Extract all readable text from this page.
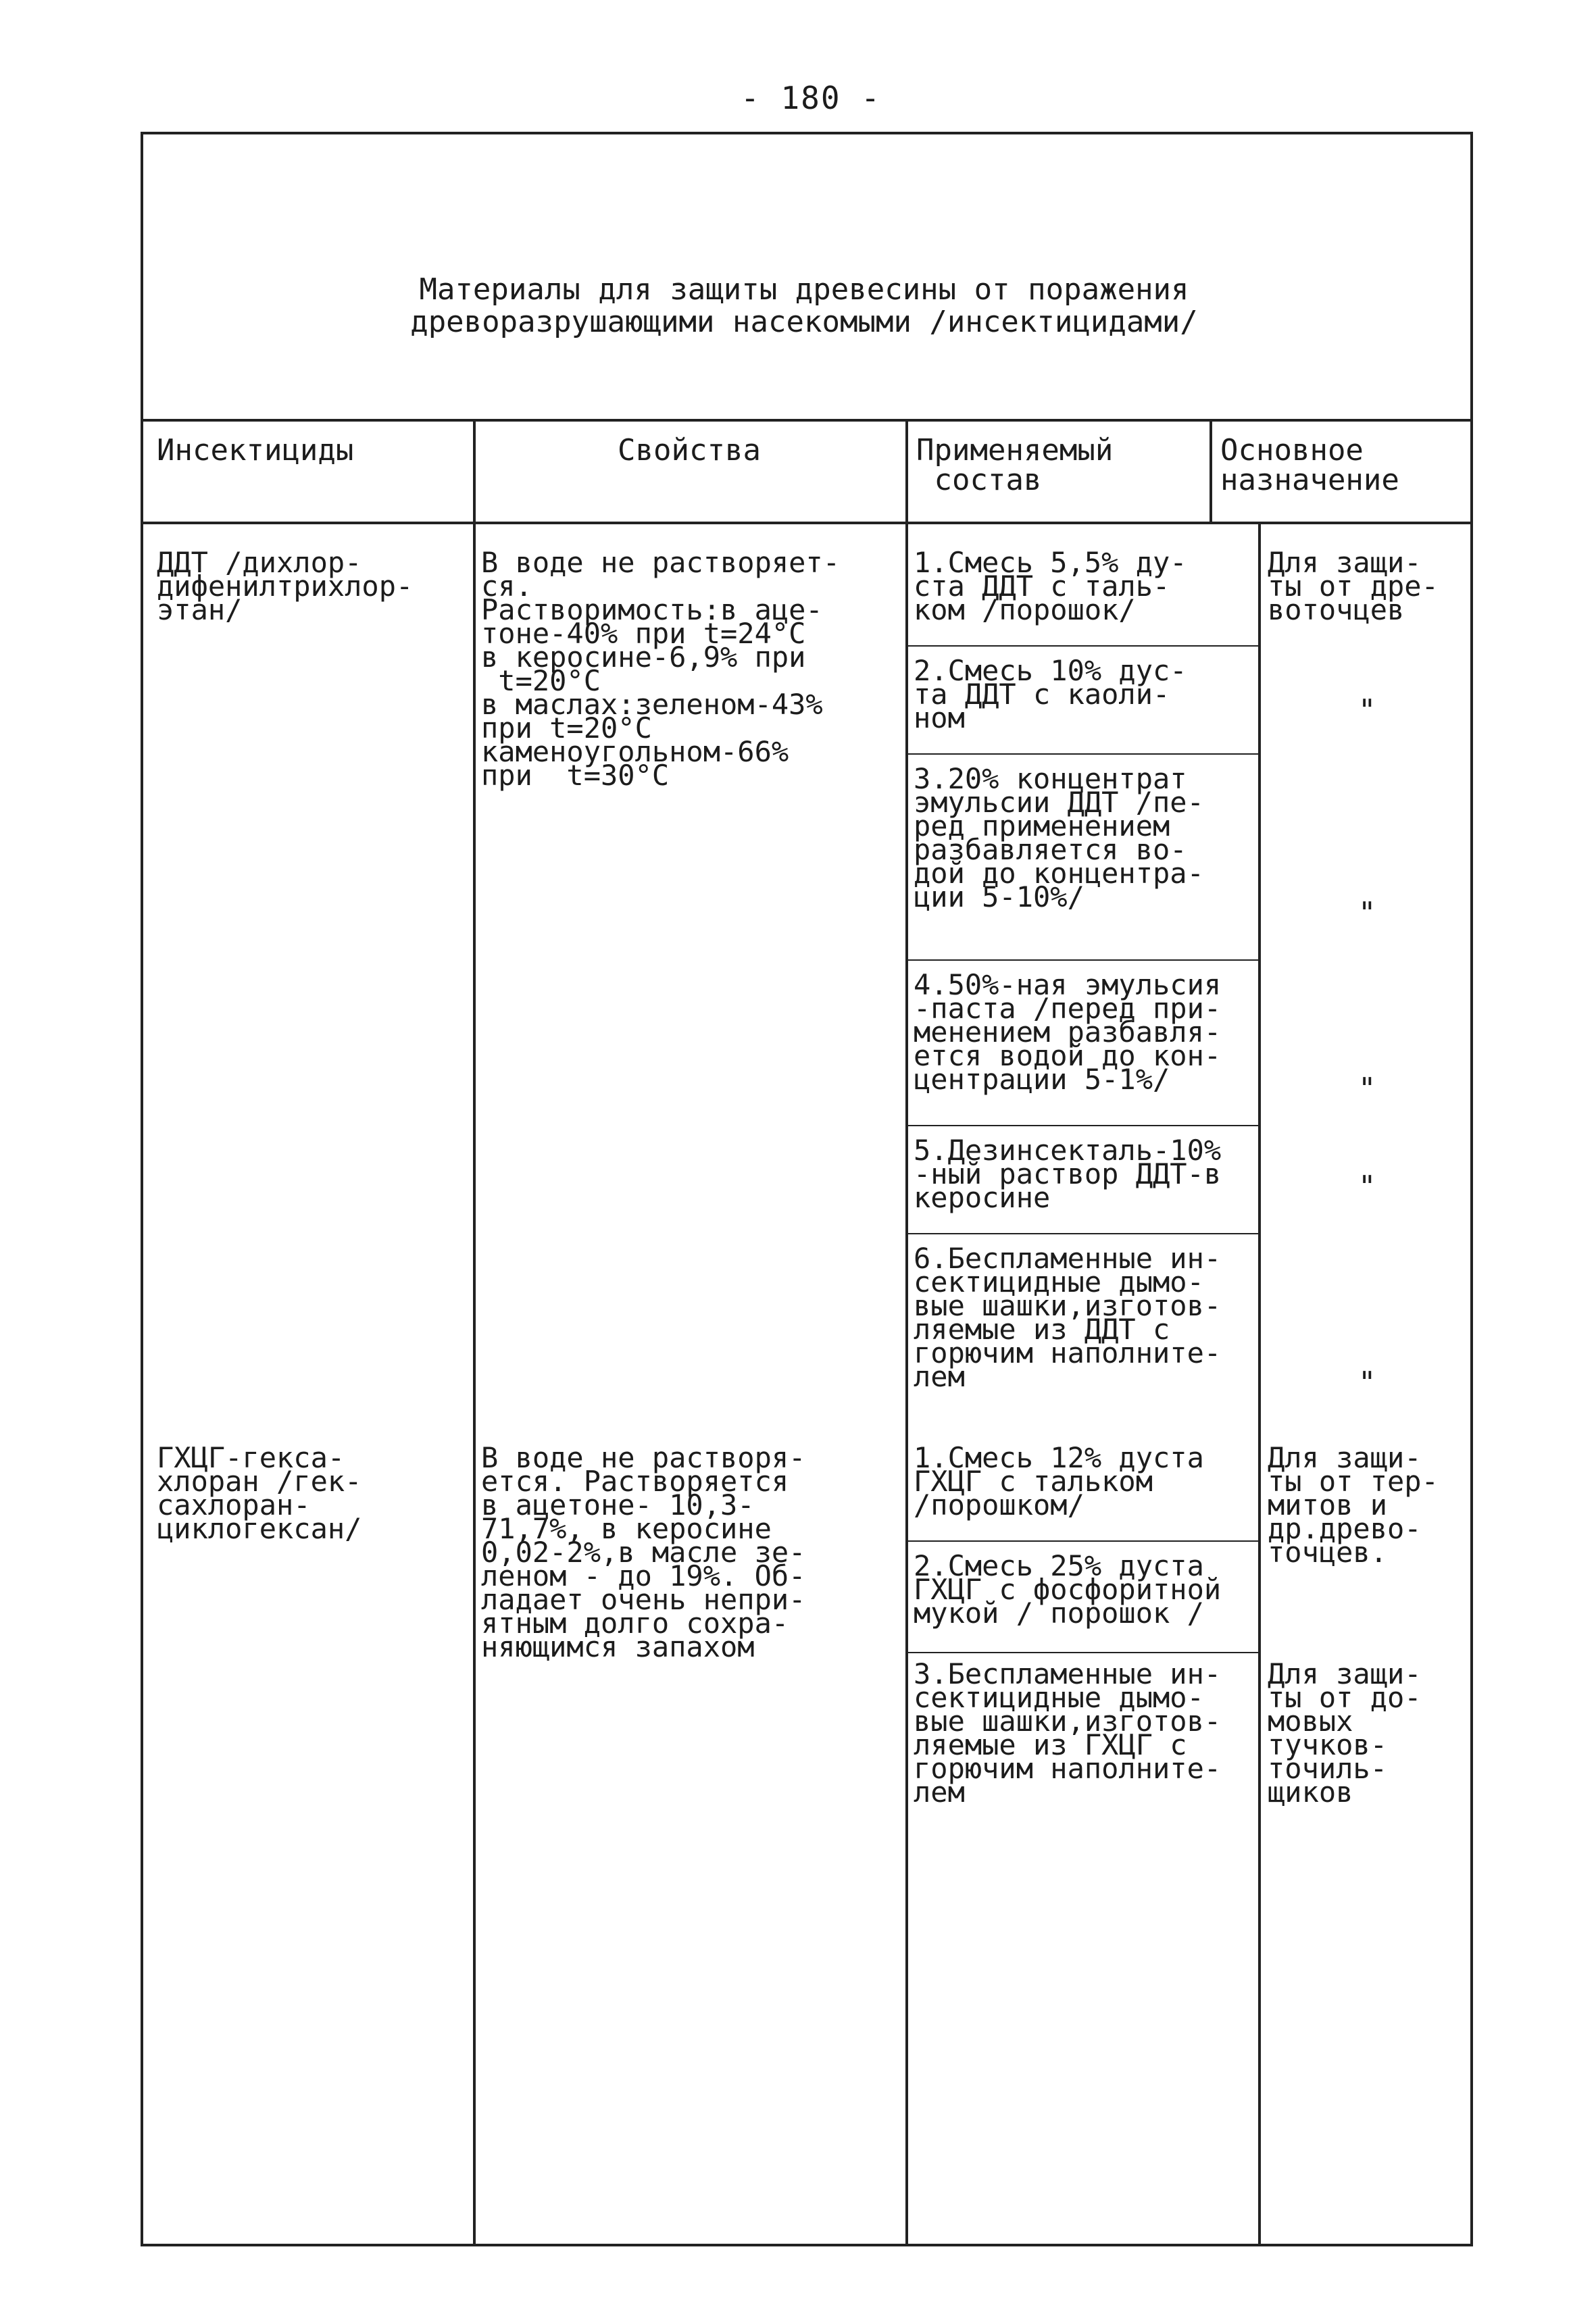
- 180 -
Материалы для защиты древесины от поражения
древоразрушающими насекомыми /инсектицидами/
Инсектициды	Свойства	Применяемый
состав
Основное
назначение
ДДТ /дихлор-
дифенилтрихлор-
этан/
В воде не растворяет-
ся.
Растворимость:в аце-
тоне-40% при t=24°C
в керосине-6,9% при
t=20°C
в маслах:зеленом-43%
при t=20°C
каменоугольном-66%
при  t=30°C
1.Смесь 5,5% ду-
ста ДДТ с таль-
ком /порошок/
2.Смесь 10% дус-
та ДДТ с каоли-
ном
3.20% концентрат
эмульсии ДДТ /пе-
ред применением
разбавляется во-
дой до концентра-
ции 5-10%/
4.50%-ная эмульсия
-паста /перед при-
менением разбавля-
ется водой до кон-
центрации 5-1%/
5.Дезинсекталь-10%
-ный раствор ДДТ-в
керосине
6.Беспламенные ин-
сектицидные дымо-
вые шашки,изготов-
ляемые из ДДТ с
горючим наполните-
лем
Для защи-
ты от дре-
воточцев
"
"
"
"
"
ГХЦГ-гекса-
хлоран /гек-
сахлоран-
циклогексан/
В воде не растворя-
ется. Растворяется
в ацетоне- 10,3-
71,7%, в керосине
0,02-2%,в масле зе-
леном - до 19%. Об-
ладает очень непри-
ятным долго сохра-
няющимся запахом
1.Смесь 12% дуста
ГХЦГ с тальком
/порошком/
2.Смесь 25% дуста
ГХЦГ с фосфоритной
мукой / порошок /
3.Беспламенные ин-
сектицидные дымо-
вые шашки,изготов-
ляемые из ГХЦГ с
горючим наполните-
лем
Для защи-
ты от тер-
митов и
др.древо-
точцев.
Для защи-
ты от до-
мовых
тучков-
точиль-
щиков
